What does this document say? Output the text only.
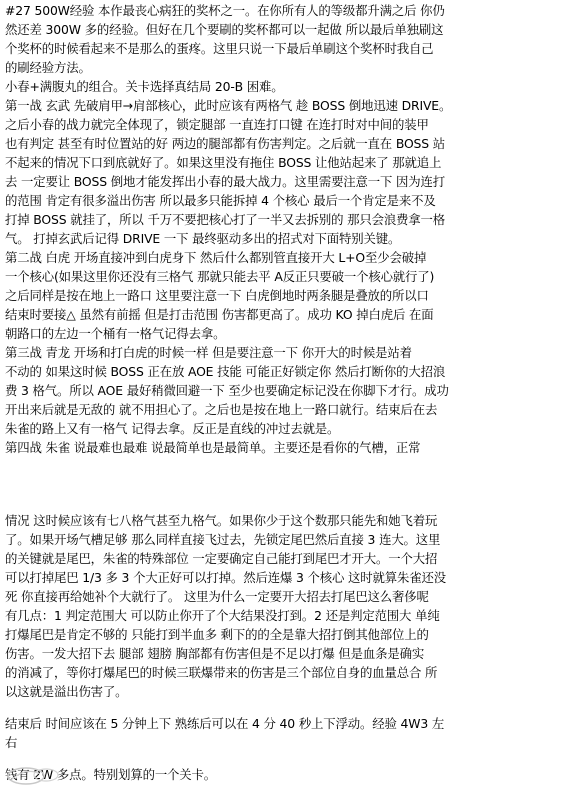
#27 500W经验 本作最丧心病狂的奖杯之一。在你所有人的等级都升满之后 你仍
然还差 300W 多的经验。但好在几个要刷的奖杯都可以一起做 所以最后单独刷这
个奖杯的时候看起来不是那么的蛋疼。这里只说一下最后单刷这个奖杯时我自己
的刷经验方法。
小春+满腹丸的组合。关卡选择真结局 20-B 困难。
第一战 玄武 先破肩甲→肩部核心，此时应该有两格气 趁 BOSS 倒地迅速 DRIVE。
之后小春的战力就完全体现了，锁定腿部 一直连打口键 在连打时对中间的装甲
也有判定 甚至有时位置站的好 两边的腿部都有伤害判定。之后就一直在 BOSS 站
不起来的情况下口到底就好了。如果这里没有拖住 BOSS 让他站起来了 那就追上
去 一定要让 BOSS 倒地才能发挥出小春的最大战力。这里需要注意一下 因为连打
的范围 肯定有很多溢出伤害 所以最多只能拆掉 4 个核心 最后一个肯定是来不及
打掉 BOSS 就挂了，所以 千万不要把核心打了一半又去拆别的 那只会浪费拿一格
气。 打掉玄武后记得 DRIVE 一下 最终驱动多出的招式对下面特别关键。
第二战 白虎 开场直接冲到白虎身下 然后什么都别管直接开大 L+O至少会破掉
一个核心(如果这里你还没有三格气 那就只能去平 A反正只要破一个核心就行了)
之后同样是按在地上一路口 这里要注意一下 白虎倒地时两条腿是叠放的所以口
结束时要接△ 虽然有前摇 但是打击范围 伤害都更高了。成功 KO 掉白虎后 在面
朝路口的左边一个桶有一格气记得去拿。
第三战 青龙 开场和打白虎的时候一样 但是要注意一下 你开大的时候是站着
不动的 如果这时候 BOSS 正在放 AOE 技能 可能正好锁定你 然后打断你的大招浪
费 3 格气。所以 AOE 最好稍微回避一下 至少也要确定标记没在你脚下才行。成功
开出来后就是无敌的 就不用担心了。之后也是按在地上一路口就行。结束后在去
朱雀的路上又有一格气 记得去拿。反正是直线的冲过去就是。
第四战 朱雀 说最难也最难 说最简单也是最简单。主要还是看你的气槽，正常
情况 这时候应该有七八格气甚至九格气。如果你少于这个数那只能先和她飞着玩
了。如果开场气槽足够 那么同样直接飞过去，先锁定尾巴然后直接 3 连大。这里
的关键就是尾巴，朱雀的特殊部位 一定要确定自己能打到尾巴才开大。一个大招
可以打掉尾巴 1/3 多 3 个大正好可以打掉。然后连爆 3 个核心 这时就算朱雀还没
死 你直接再给她补个大就行了。 这里为什么一定要开大招去打尾巴这么奢侈呢
有几点：1 判定范围大 可以防止你开了个大结果没打到。2 还是判定范围大 单纯
打爆尾巴是肯定不够的 只能打到半血多 剩下的的全是靠大招打倒其他部位上的
伤害。一发大招下去 腿部 翅膀 胸部都有伤害但是不足以打爆 但是血条是确实
的消减了，等你打爆尾巴的时候三联爆带来的伤害是三个部位自身的血量总合 所
以这就是溢出伤害了。
结束后 时间应该在 5 分钟上下 熟练后可以在 4 分 40 秒上下浮动。经验 4W3 左
右
钱有 2W 多点。特别划算的一个关卡。
